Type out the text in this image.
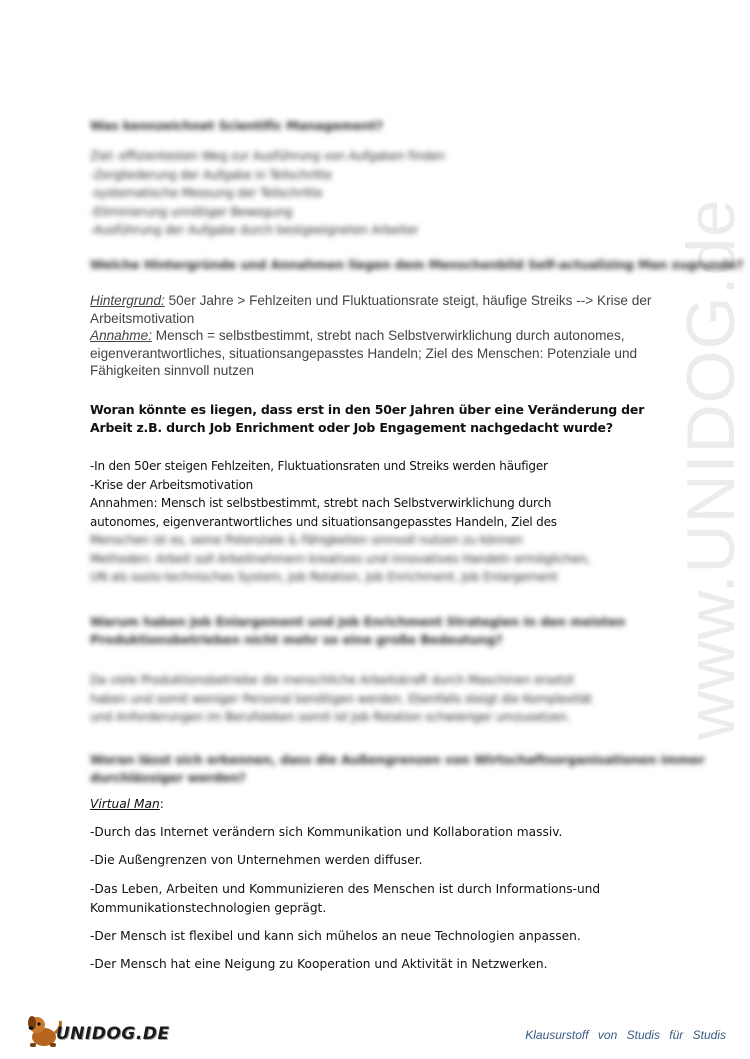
www.UNIDOG.de
Was kennzeichnet Scientific Management?
Ziel: effizientesten Weg zur Ausführung von Aufgaben finden
-Zergliederung der Aufgabe in Teilschritte
-systematische Messung der Teilschritte
-Eliminierung unnötiger Bewegung
-Ausführung der Aufgabe durch bestgeeigneten Arbeiter
Welche Hintergründe und Annahmen liegen dem Menschenbild Self-actualizing Man zugrunde?
Hintergrund: 50er Jahre > Fehlzeiten und Fluktuationsrate steigt, häufige Streiks --> Krise der
Arbeitsmotivation
Annahme: Mensch = selbstbestimmt, strebt nach Selbstverwirklichung durch autonomes,
eigenverantwortliches, situationsangepasstes Handeln; Ziel des Menschen: Potenziale und
Fähigkeiten sinnvoll nutzen
Woran könnte es liegen, dass erst in den 50er Jahren über eine Veränderung der
Arbeit z.B. durch Job Enrichment oder Job Engagement nachgedacht wurde?
-In den 50er steigen Fehlzeiten, Fluktuationsraten und Streiks werden häufiger
-Krise der Arbeitsmotivation
Annahmen: Mensch ist selbstbestimmt, strebt nach Selbstverwirklichung durch
autonomes, eigenverantwortliches und situationsangepasstes Handeln, Ziel des
Menschen ist es, seine Potenziale & Fähigkeiten sinnvoll nutzen zu können
Methoden: Arbeit soll Arbeitnehmern kreatives und innovatives Handeln ermöglichen,
UN als sozio-technisches System, Job Rotation, Job Enrichment, Job Enlargement
Warum haben Job Enlargement und Job Enrichment Strategien in den meisten
Produktionsbetrieben nicht mehr so eine große Bedeutung?
Da viele Produktionsbetriebe die menschliche Arbeitskraft durch Maschinen ersetzt
haben und somit weniger Personal benötigen werden. Ebenfalls steigt die Komplexität
und Anforderungen im Berufsleben somit ist Job Rotation schwieriger umzusetzen.
Woran lässt sich erkennen, dass die Außengrenzen von Wirtschaftsorganisationen immer
durchlässiger werden?

Virtual Man:

-Durch das Internet verändern sich Kommunikation und Kollaboration massiv.

-Die Außengrenzen von Unternehmen werden diffuser.

-Das Leben, Arbeiten und Kommunizieren des Menschen ist durch Informations-und

Kommunikationstechnologien geprägt.

-Der Mensch ist flexibel und kann sich mühelos an neue Technologien anpassen.

-Der Mensch hat eine Neigung zu Kooperation und Aktivität in Netzwerken.

UNIDOG.DE	Klausurstoff von Studis für Studis
